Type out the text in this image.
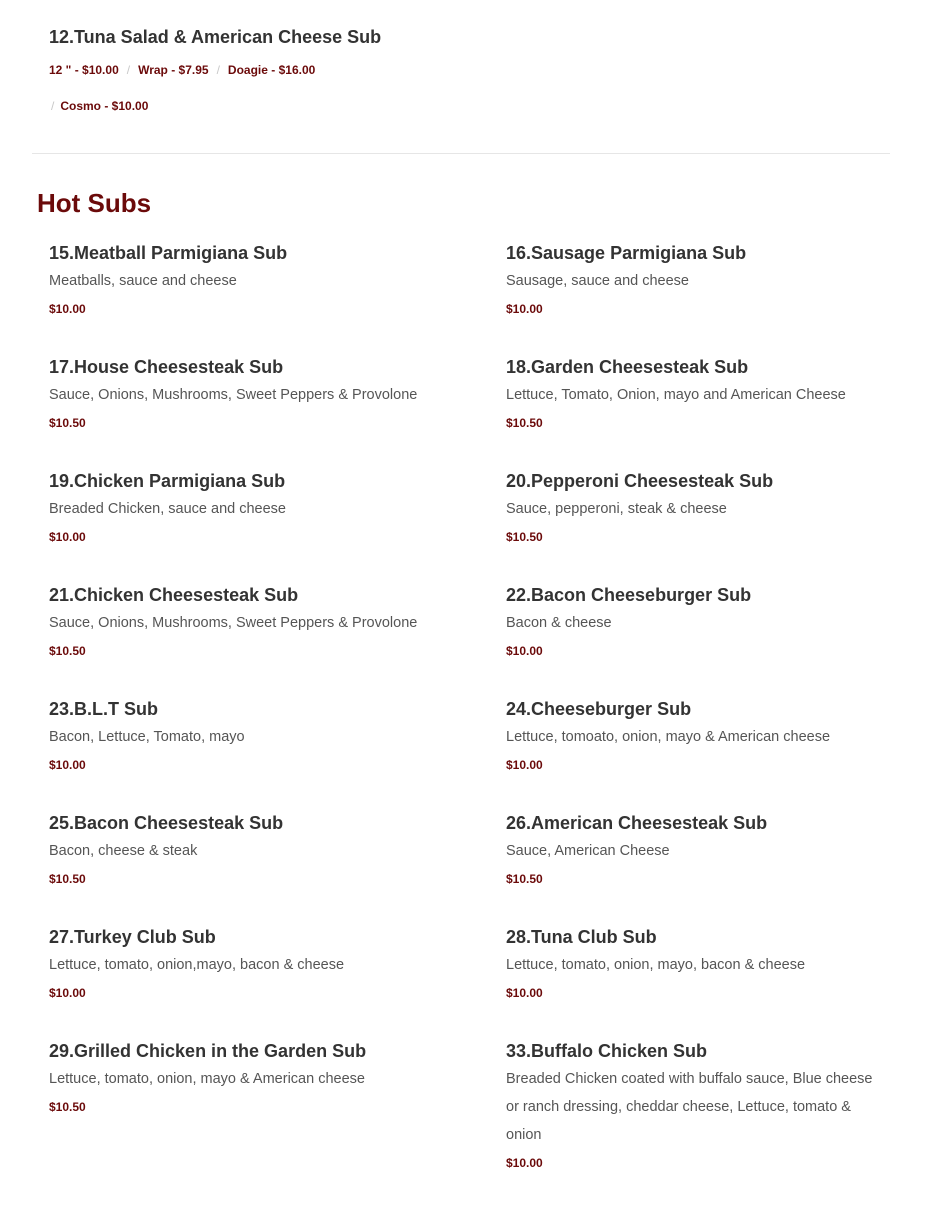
12.Tuna Salad & American Cheese Sub
12 " - $10.00 / Wrap - $7.95 / Doagie - $16.00
/ Cosmo - $10.00
Hot Subs
15.Meatball Parmigiana Sub
Meatballs, sauce and cheese
$10.00
16.Sausage Parmigiana Sub
Sausage, sauce and cheese
$10.00
17.House Cheesesteak Sub
Sauce, Onions, Mushrooms, Sweet Peppers & Provolone
$10.50
18.Garden Cheesesteak Sub
Lettuce, Tomato, Onion, mayo and American Cheese
$10.50
19.Chicken Parmigiana Sub
Breaded Chicken, sauce and cheese
$10.00
20.Pepperoni Cheesesteak Sub
Sauce, pepperoni, steak & cheese
$10.50
21.Chicken Cheesesteak Sub
Sauce, Onions, Mushrooms, Sweet Peppers & Provolone
$10.50
22.Bacon Cheeseburger Sub
Bacon & cheese
$10.00
23.B.L.T Sub
Bacon, Lettuce, Tomato, mayo
$10.00
24.Cheeseburger Sub
Lettuce, tomoato, onion, mayo & American cheese
$10.00
25.Bacon Cheesesteak Sub
Bacon, cheese & steak
$10.50
26.American Cheesesteak Sub
Sauce, American Cheese
$10.50
27.Turkey Club Sub
Lettuce, tomato, onion,mayo, bacon & cheese
$10.00
28.Tuna Club Sub
Lettuce, tomato, onion, mayo, bacon & cheese
$10.00
29.Grilled Chicken in the Garden Sub
Lettuce, tomato, onion, mayo & American cheese
$10.50
33.Buffalo Chicken Sub
Breaded Chicken coated with buffalo sauce, Blue cheese or ranch dressing, cheddar cheese, Lettuce, tomato & onion
$10.00
